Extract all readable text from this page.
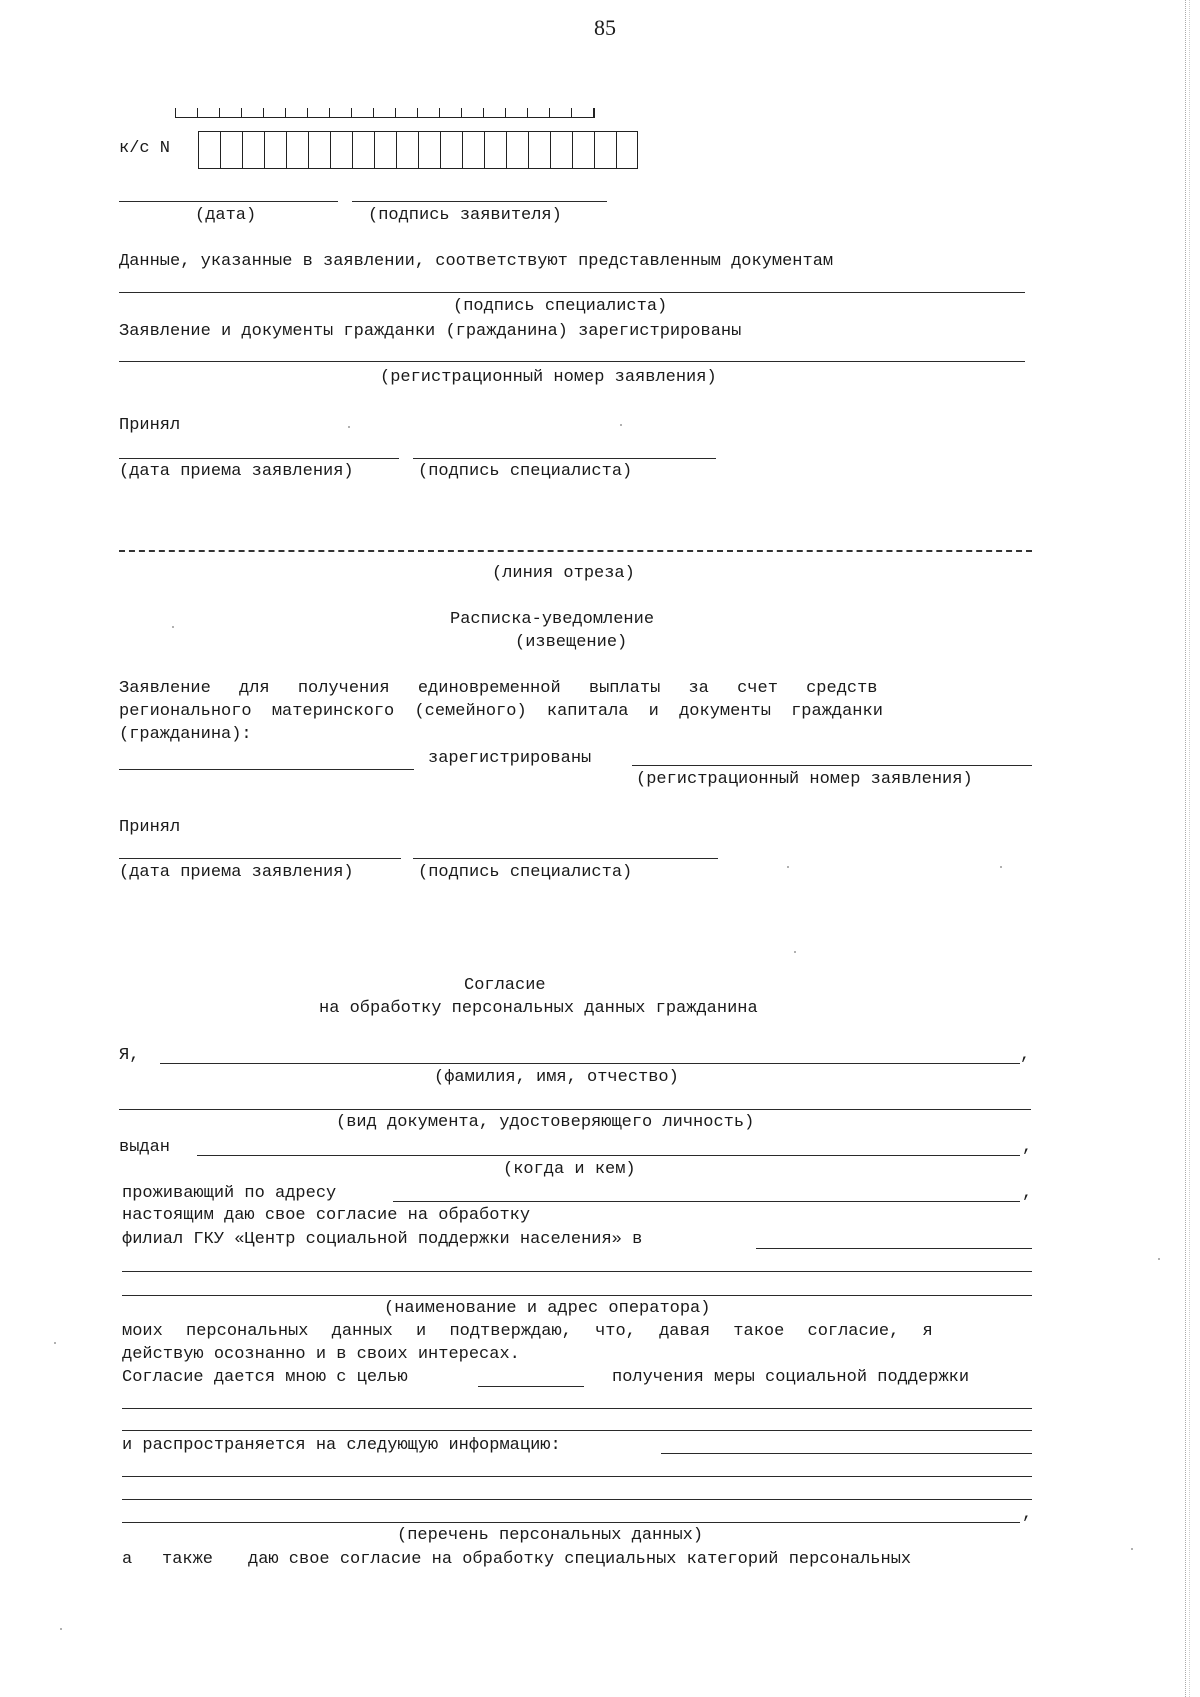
85
к/с N
(дата)	(подпись заявителя)
Данные, указанные в заявлении, соответствуют представленным документам
(подпись специалиста)
Заявление и документы гражданки (гражданина) зарегистрированы
(регистрационный номер заявления)
Принял
(дата приема заявления)	(подпись специалиста)
(линия отреза)
Расписка-уведомление
(извещение)
Заявление для получения единовременной выплаты за счет средств
регионального материнского (семейного) капитала и документы гражданки
(гражданина):
зарегистрированы
(регистрационный номер заявления)
Принял
(дата приема заявления)	(подпись специалиста)
Согласие
на обработку персональных данных гражданина
Я,	,
(фамилия, имя, отчество)
(вид документа, удостоверяющего личность)
выдан	,
(когда и кем)
проживающий по адресу	,
настоящим даю свое согласие на обработку
филиал ГКУ «Центр социальной поддержки населения» в
(наименование и адрес оператора)
моих персональных данных и подтверждаю, что, давая такое согласие, я
действую осознанно и в своих интересах.
Согласие дается мною с целью	получения меры социальной поддержки
и распространяется на следующую информацию:
,
(перечень персональных данных)
а также даю свое согласие на обработку специальных категорий персональных
